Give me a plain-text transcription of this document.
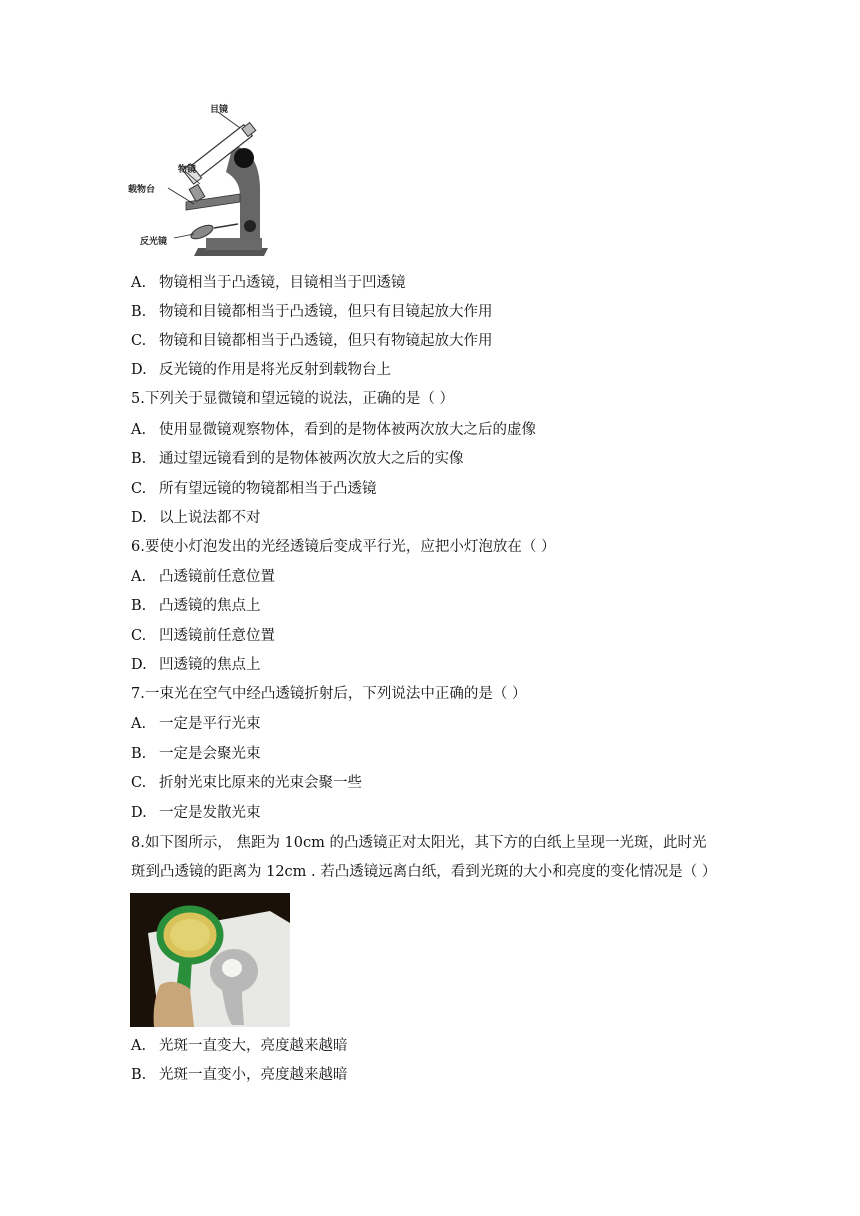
目镜
物镜
载物台
反光镜
A. 物镜相当于凸透镜，目镜相当于凹透镜
B. 物镜和目镜都相当于凸透镜，但只有目镜起放大作用
C. 物镜和目镜都相当于凸透镜，但只有物镜起放大作用
D. 反光镜的作用是将光反射到载物台上
5.下列关于显微镜和望远镜的说法，正确的是（ ）
A. 使用显微镜观察物体，看到的是物体被两次放大之后的虚像
B. 通过望远镜看到的是物体被两次放大之后的实像
C. 所有望远镜的物镜都相当于凸透镜
D. 以上说法都不对
6.要使小灯泡发出的光经透镜后变成平行光，应把小灯泡放在（ ）
A. 凸透镜前任意位置
B. 凸透镜的焦点上
C. 凹透镜前任意位置
D. 凹透镜的焦点上
7.一束光在空气中经凸透镜折射后，下列说法中正确的是（ ）
A. 一定是平行光束
B. 一定是会聚光束
C. 折射光束比原来的光束会聚一些
D. 一定是发散光束
8.如下图所示， 焦距为 10cm 的凸透镜正对太阳光，其下方的白纸上呈现一光斑，此时光
斑到凸透镜的距离为 12cm . 若凸透镜远离白纸，看到光斑的大小和亮度的变化情况是（ ）
A. 光斑一直变大，亮度越来越暗
B. 光斑一直变小，亮度越来越暗
